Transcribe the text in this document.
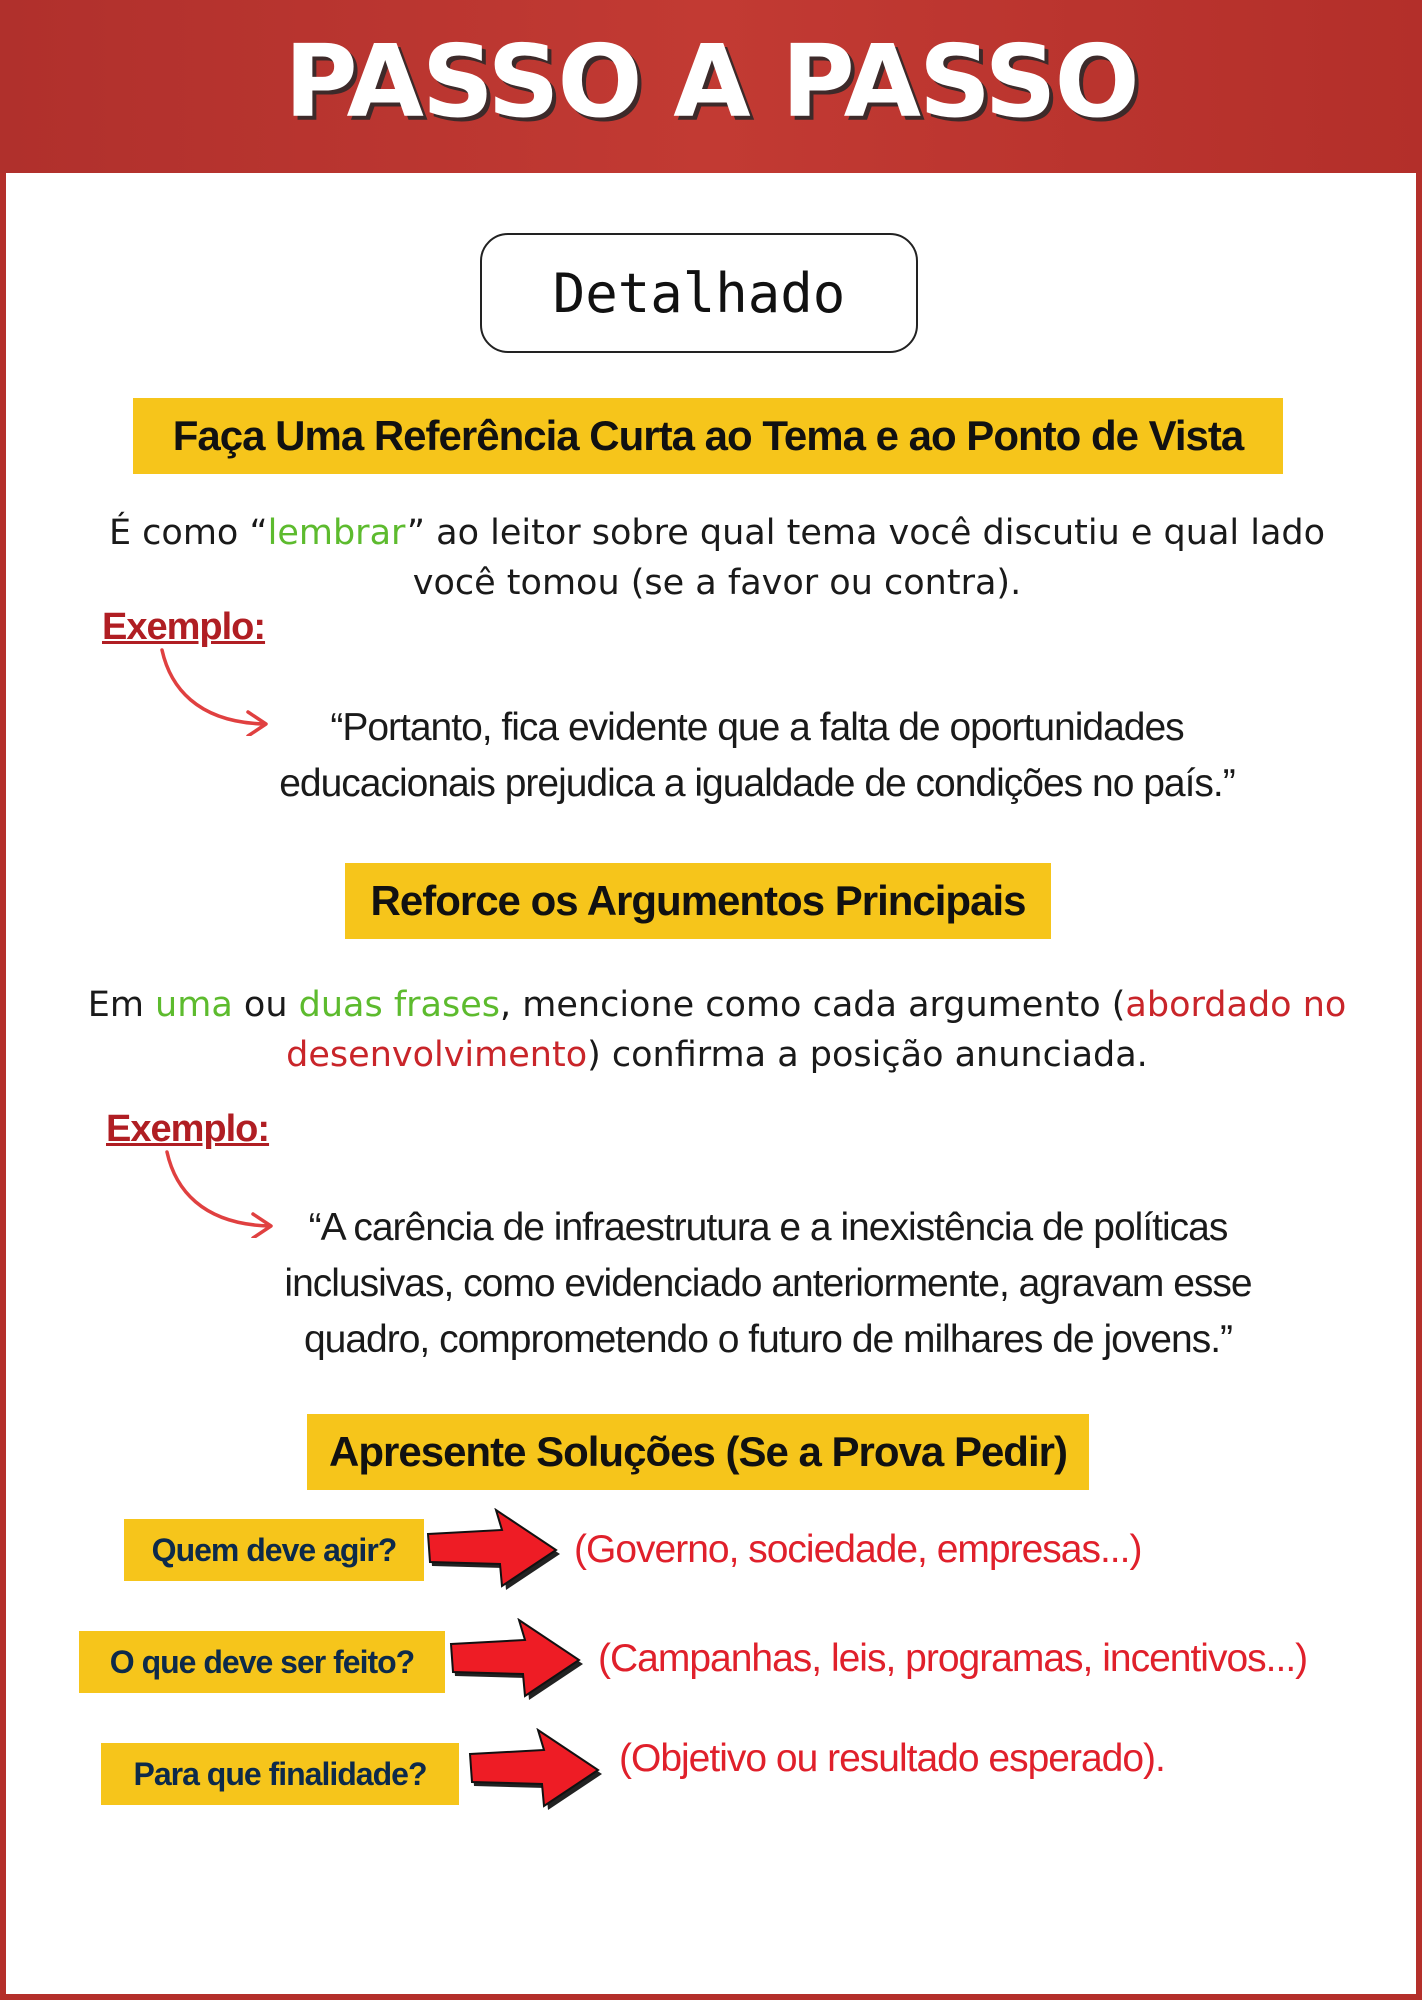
PASSO A PASSO
Detalhado
Faça Uma Referência Curta ao Tema e ao Ponto de Vista
É como “lembrar” ao leitor sobre qual tema você discutiu e qual lado você tomou (se a favor ou contra).
Exemplo:
“Portanto, fica evidente que a falta de oportunidades educacionais prejudica a igualdade de condições no país.”
Reforce os Argumentos Principais
Em uma ou duas frases, mencione como cada argumento (abordado no desenvolvimento) confirma a posição anunciada.
Exemplo:
“A carência de infraestrutura e a inexistência de políticas inclusivas, como evidenciado anteriormente, agravam esse quadro, comprometendo o futuro de milhares de jovens.”
Apresente Soluções (Se a Prova Pedir)
Quem deve agir?	(Governo, sociedade, empresas...)
O que deve ser feito?	(Campanhas, leis, programas, incentivos...)
Para que finalidade?	(Objetivo ou resultado esperado).
